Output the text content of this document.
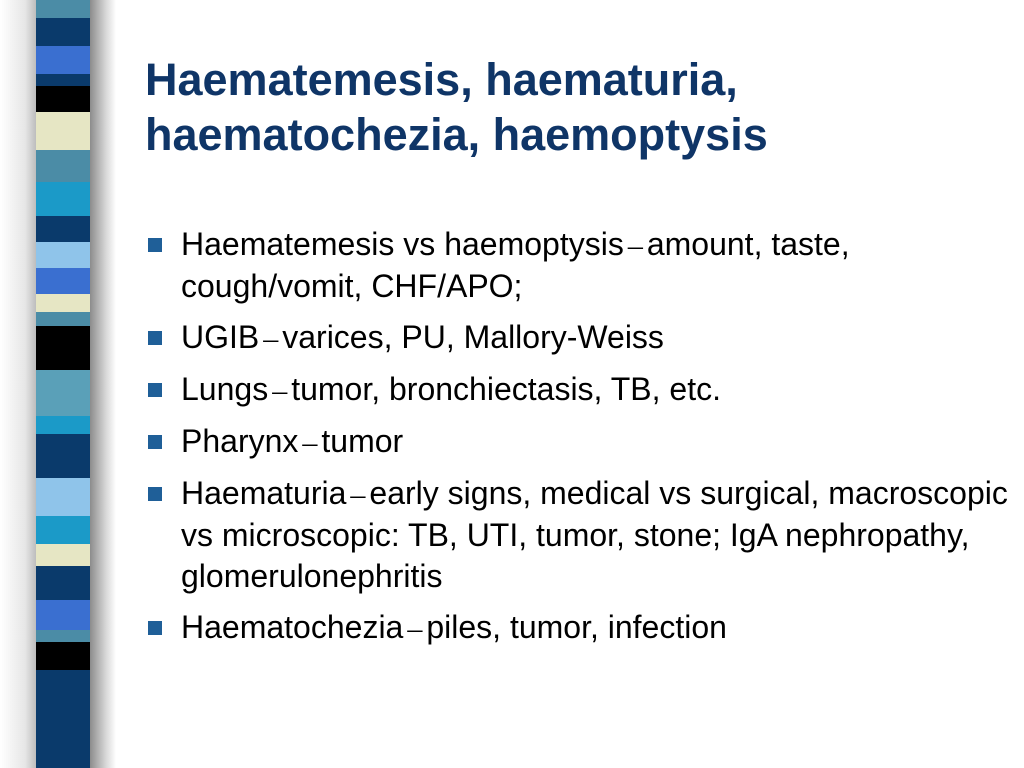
Haematemesis, haematuria,
haematochezia, haemoptysis
Haematemesis vs haemoptysis – amount, taste, cough/vomit, CHF/APO;
UGIB – varices, PU, Mallory-Weiss
Lungs – tumor, bronchiectasis, TB, etc.
Pharynx – tumor
Haematuria – early signs, medical vs surgical, macroscopic vs microscopic: TB, UTI, tumor, stone; IgA nephropathy, glomerulonephritis
Haematochezia – piles, tumor, infection
